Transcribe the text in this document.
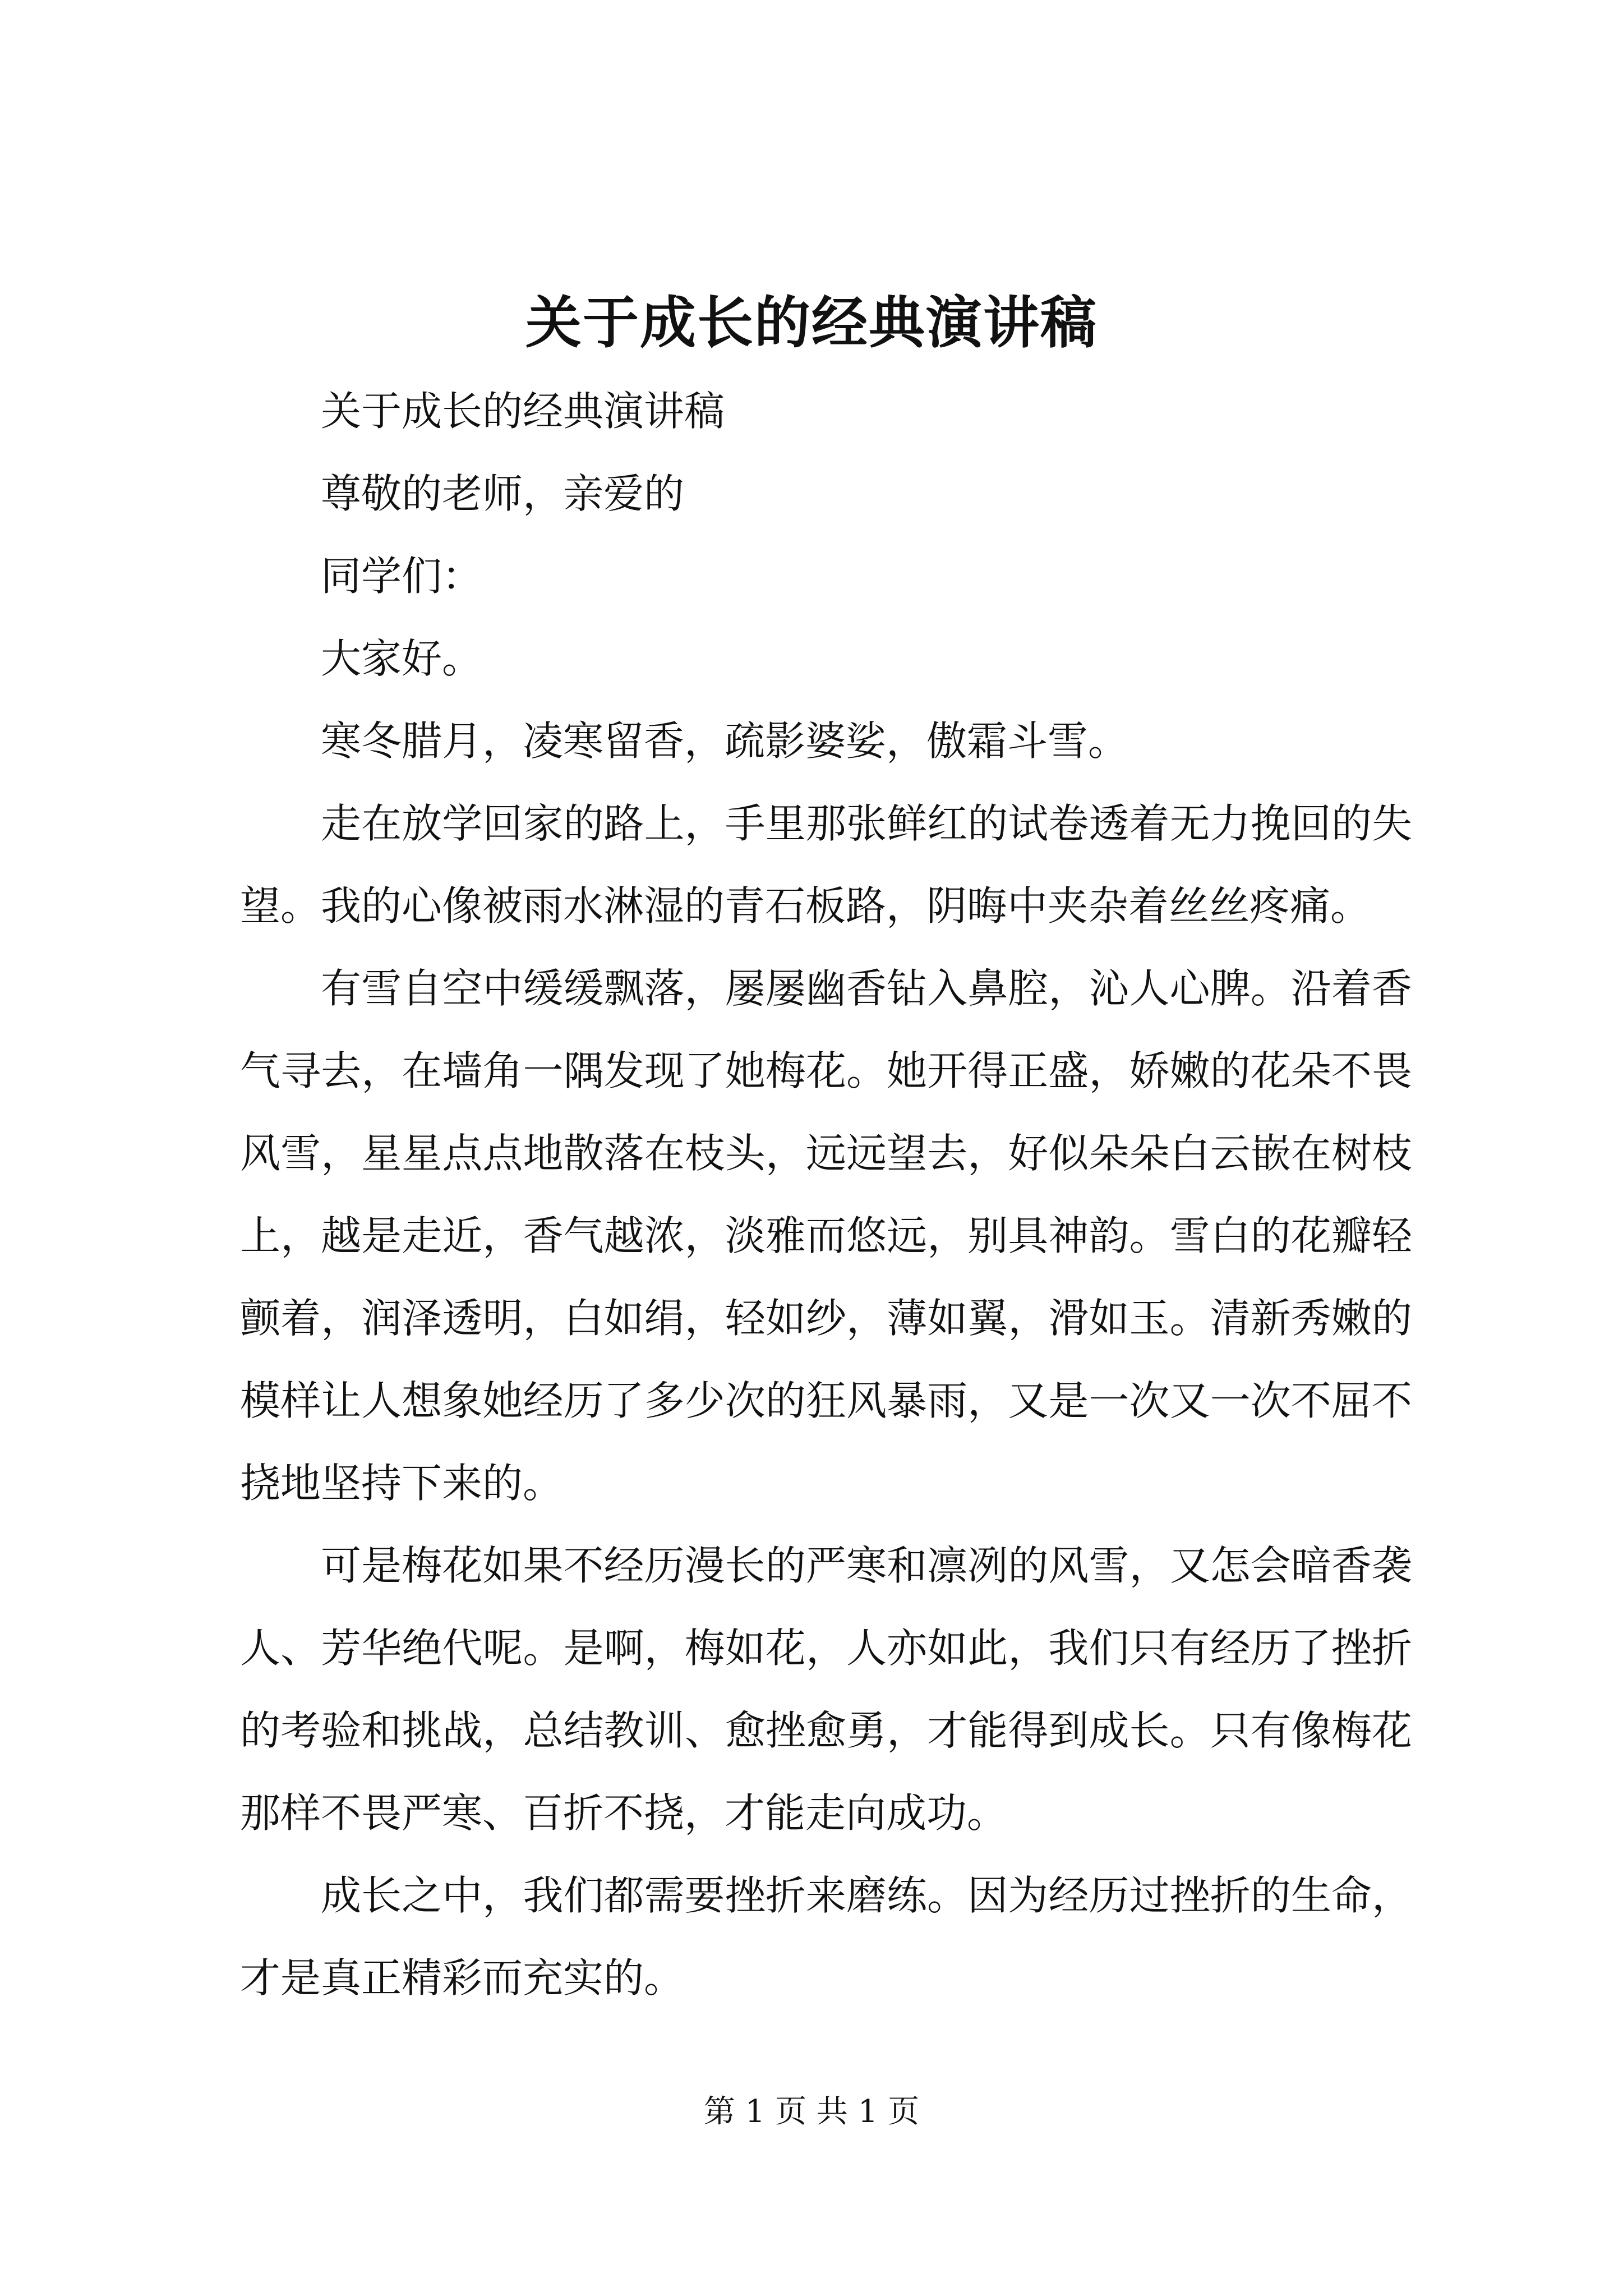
关于成长的经典演讲稿

关于成长的经典演讲稿

尊敬的老师，亲爱的

同学们：

大家好。

寒冬腊月，凌寒留香，疏影婆娑，傲霜斗雪。

走在放学回家的路上，手里那张鲜红的试卷透着无力挽回的失望。我的心像被雨水淋湿的青石板路，阴晦中夹杂着丝丝疼痛。

有雪自空中缓缓飘落，屡屡幽香钻入鼻腔，沁人心脾。沿着香气寻去，在墙角一隅发现了她梅花。她开得正盛，娇嫩的花朵不畏风雪，星星点点地散落在枝头，远远望去，好似朵朵白云嵌在树枝上，越是走近，香气越浓，淡雅而悠远，别具神韵。雪白的花瓣轻颤着，润泽透明，白如绢，轻如纱，薄如翼，滑如玉。清新秀嫩的模样让人想象她经历了多少次的狂风暴雨，又是一次又一次不屈不挠地坚持下来的。

可是梅花如果不经历漫长的严寒和凛冽的风雪，又怎会暗香袭人、芳华绝代呢。是啊，梅如花，人亦如此，我们只有经历了挫折的考验和挑战，总结教训、愈挫愈勇，才能得到成长。只有像梅花那样不畏严寒、百折不挠，才能走向成功。

成长之中，我们都需要挫折来磨练。因为经历过挫折的生命，才是真正精彩而充实的。

第 1 页 共 1 页
